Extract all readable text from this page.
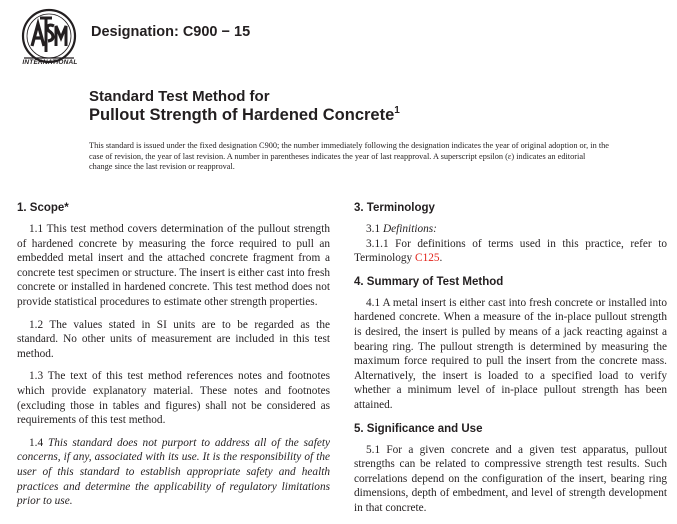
INTERNATIONAL
Designation: C900 − 15
Standard Test Method for
Pullout Strength of Hardened Concrete$^1$
This standard is issued under the fixed designation C900; the number immediately following the designation indicates the year of original adoption or, in the case of revision, the year of last revision. A number in parentheses indicates the year of last reapproval. A superscript epsilon (ε) indicates an editorial change since the last revision or reapproval.
1. Scope*

1.1 This test method covers determination of the pullout strength of hardened concrete by measuring the force required to pull an embedded metal insert and the attached concrete fragment from a concrete test specimen or structure. The insert is either cast into fresh concrete or installed in hardened concrete. This test method does not provide statistical procedures to estimate other strength properties.

1.2 The values stated in SI units are to be regarded as the standard. No other units of measurement are included in this test method.

1.3 The text of this test method references notes and footnotes which provide explanatory material. These notes and footnotes (excluding those in tables and figures) shall not be considered as requirements of this test method.

1.4 This standard does not purport to address all of the safety concerns, if any, associated with its use. It is the responsibility of the user of this standard to establish appropriate safety and health practices and determine the applicability of regulatory limitations prior to use.

3. Terminology

3.1 Definitions:

3.1.1 For definitions of terms used in this practice, refer to Terminology C125.

4. Summary of Test Method

4.1 A metal insert is either cast into fresh concrete or installed into hardened concrete. When a measure of the in-place pullout strength is desired, the insert is pulled by means of a jack reacting against a bearing ring. The pullout strength is determined by measuring the maximum force required to pull the insert from the concrete mass. Alternatively, the insert is loaded to a specified load to verify whether a minimum level of in-place pullout strength has been attained.

5. Significance and Use

5.1 For a given concrete and a given test apparatus, pullout strengths can be related to compressive strength test results. Such correlations depend on the configuration of the insert, bearing ring dimensions, depth of embedment, and level of strength development in that concrete.
